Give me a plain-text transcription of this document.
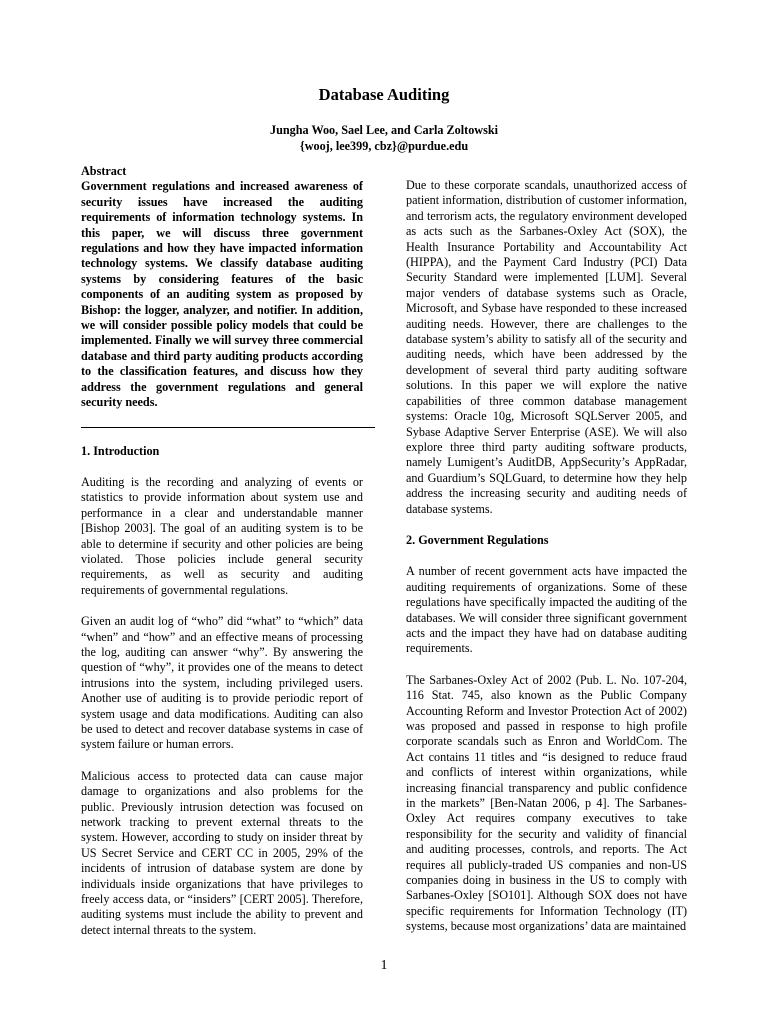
Database Auditing
Jungha Woo, Sael Lee, and Carla Zoltowski
{wooj, lee399, cbz}@purdue.edu
Abstract

Government regulations and increased awareness of security issues have increased the auditing requirements of information technology systems. In this paper, we will discuss three government regulations and how they have impacted information technology systems. We classify database auditing systems by considering features of the basic components of an auditing system as proposed by Bishop: the logger, analyzer, and notifier. In addition, we will consider possible policy models that could be implemented. Finally we will survey three commercial database and third party auditing products according to the classification features, and discuss how they address the government regulations and general security needs.

1. Introduction

Auditing is the recording and analyzing of events or statistics to provide information about system use and performance in a clear and understandable manner [Bishop 2003]. The goal of an auditing system is to be able to determine if security and other policies are being violated. Those policies include general security requirements, as well as security and auditing requirements of governmental regulations.

Given an audit log of “who” did “what” to “which” data “when” and “how” and an effective means of processing the log, auditing can answer “why”. By answering the question of “why”, it provides one of the means to detect intrusions into the system, including privileged users. Another use of auditing is to provide periodic report of system usage and data modifications. Auditing can also be used to detect and recover database systems in case of system failure or human errors.

Malicious access to protected data can cause major damage to organizations and also problems for the public. Previously intrusion detection was focused on network tracking to prevent external threats to the system. However, according to study on insider threat by US Secret Service and CERT CC in 2005, 29% of the incidents of intrusion of database system are done by individuals inside organizations that have privileges to freely access data, or “insiders” [CERT 2005]. Therefore, auditing systems must include the ability to prevent and detect internal threats to the system.

Due to these corporate scandals, unauthorized access of patient information, distribution of customer information, and terrorism acts, the regulatory environment developed as acts such as the Sarbanes-Oxley Act (SOX), the Health Insurance Portability and Accountability Act (HIPPA), and the Payment Card Industry (PCI) Data Security Standard were implemented [LUM]. Several major venders of database systems such as Oracle, Microsoft, and Sybase have responded to these increased auditing needs. However, there are challenges to the database system’s ability to satisfy all of the security and auditing needs, which have been addressed by the development of several third party auditing software solutions. In this paper we will explore the native capabilities of three common database management systems: Oracle 10g, Microsoft SQLServer 2005, and Sybase Adaptive Server Enterprise (ASE). We will also explore three third party auditing software products, namely Lumigent’s AuditDB, AppSecurity’s AppRadar, and Guardium’s SQLGuard, to determine how they help address the increasing security and auditing needs of database systems.

2. Government Regulations

A number of recent government acts have impacted the auditing requirements of organizations. Some of these regulations have specifically impacted the auditing of the databases. We will consider three significant government acts and the impact they have had on database auditing requirements.

The Sarbanes-Oxley Act of 2002 (Pub. L. No. 107-204, 116 Stat. 745, also known as the Public Company Accounting Reform and Investor Protection Act of 2002) was proposed and passed in response to high profile corporate scandals such as Enron and WorldCom. The Act contains 11 titles and “is designed to reduce fraud and conflicts of interest within organizations, while increasing financial transparency and public confidence in the markets” [Ben-Natan 2006, p 4]. The Sarbanes-Oxley Act requires company executives to take responsibility for the security and validity of financial and auditing processes, controls, and reports. The Act requires all publicly-traded US companies and non-US companies doing in business in the US to comply with Sarbanes-Oxley [SO101]. Although SOX does not have specific requirements for Information Technology (IT) systems, because most organizations’ data are maintained

1
